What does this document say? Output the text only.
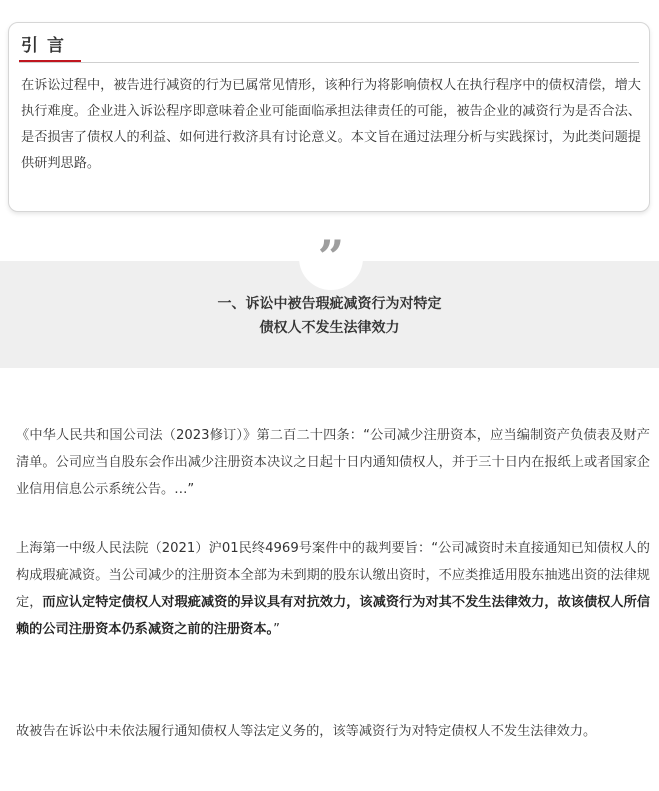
引言
在诉讼过程中，被告进行减资的行为已属常见情形，该种行为将影响债权人在执行程序中的债权清偿，增大执行难度。企业进入诉讼程序即意味着企业可能面临承担法律责任的可能，被告企业的减资行为是否合法、是否损害了债权人的利益、如何进行救济具有讨论意义。本文旨在通过法理分析与实践探讨，为此类问题提供研判思路。
”
一、诉讼中被告瑕疵减资行为对特定
债权人不发生法律效力

《中华人民共和国公司法（2023修订）》第二百二十四条：“公司减少注册资本，应当编制资产负债表及财产清单。公司应当自股东会作出减少注册资本决议之日起十日内通知债权人，并于三十日内在报纸上或者国家企业信用信息公示系统公告。…”

上海第一中级人民法院（2021）沪01民终4969号案件中的裁判要旨：“公司减资时未直接通知已知债权人的构成瑕疵减资。当公司减少的注册资本全部为未到期的股东认缴出资时，不应类推适用股东抽逃出资的法律规定，而应认定特定债权人对瑕疵减资的异议具有对抗效力，该减资行为对其不发生法律效力，故该债权人所信赖的公司注册资本仍系减资之前的注册资本。”

故被告在诉讼中未依法履行通知债权人等法定义务的，该等减资行为对特定债权人不发生法律效力。
